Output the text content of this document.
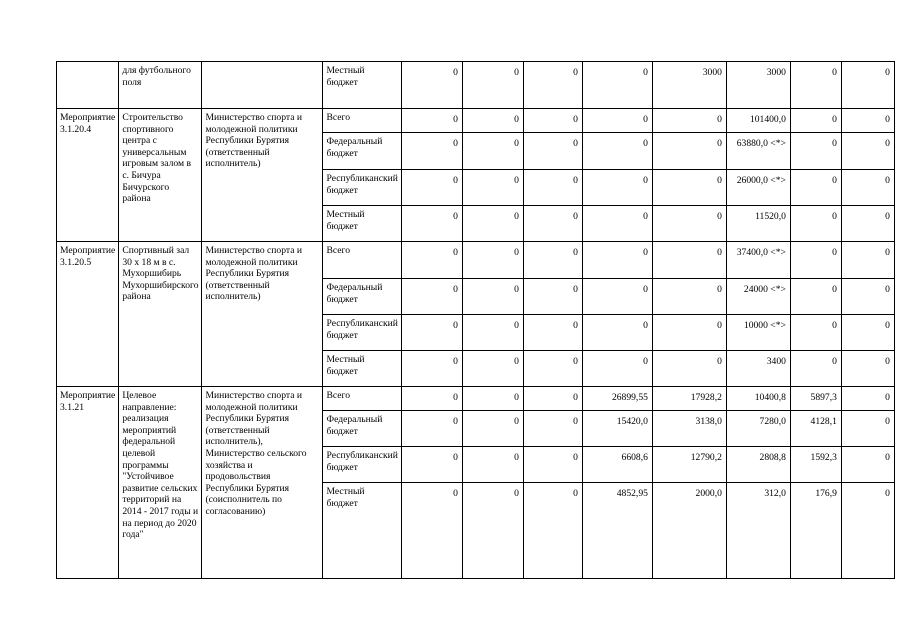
	для футбольного поля		Местный бюджет	0	0	0	0	3000	3000	0	0
Мероприятие 3.1.20.4	Строительство спортивного центра с универсальным игровым залом в с. Бичура Бичурского района	Министерство спорта и молодежной политики Республики Бурятия (ответственный исполнитель)	Всего	0	0	0	0	0	101400,0	0	0
			Федеральный бюджет	0	0	0	0	0	63880,0 <*>	0	0
			Республиканский бюджет	0	0	0	0	0	26000,0 <*>	0	0
			Местный бюджет	0	0	0	0	0	11520,0	0	0
Мероприятие 3.1.20.5	Спортивный зал 30 x 18 м в с. Мухоршибирь Мухоршибирского района	Министерство спорта и молодежной политики Республики Бурятия (ответственный исполнитель)	Всего	0	0	0	0	0	37400,0 <*>	0	0
			Федеральный бюджет	0	0	0	0	0	24000 <*>	0	0
			Республиканский бюджет	0	0	0	0	0	10000 <*>	0	0
			Местный бюджет	0	0	0	0	0	3400	0	0
Мероприятие 3.1.21	Целевое направление: реализация мероприятий федеральной целевой программы "Устойчивое развитие сельских территорий на 2014 - 2017 годы и на период до 2020 года"	Министерство спорта и молодежной политики Республики Бурятия (ответственный исполнитель), Министерство сельского хозяйства и продовольствия Республики Бурятия (соисполнитель по согласованию)	Всего	0	0	0	26899,55	17928,2	10400,8	5897,3	0
			Федеральный бюджет	0	0	0	15420,0	3138,0	7280,0	4128,1	0
			Республиканский бюджет	0	0	0	6608,6	12790,2	2808,8	1592,3	0
			Местный бюджет	0	0	0	4852,95	2000,0	312,0	176,9	0
